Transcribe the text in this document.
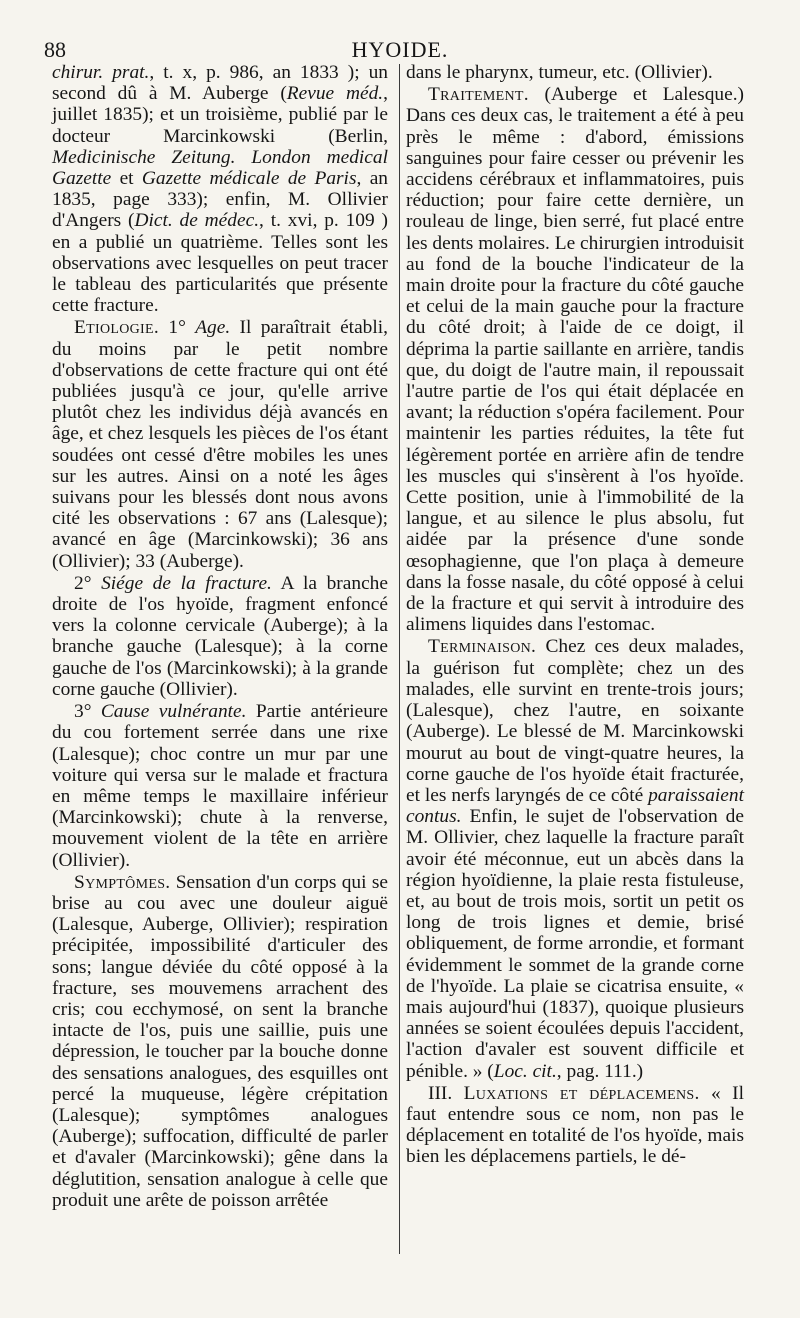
88	HYOIDE.

chirur. prat., t. x, p. 986, an 1833 ); un second dû à M. Auberge (Revue méd., juillet 1835); et un troisième, publié par le docteur Marcinkowski (Berlin, Medicinische Zeitung. London medical Gazette et Gazette médicale de Paris, an 1835, page 333); enfin, M. Ollivier d'Angers (Dict. de médec., t. xvi, p. 109 ) en a publié un quatrième. Telles sont les observations avec lesquelles on peut tracer le tableau des particularités que présente cette fracture.

Etiologie. 1° Age. Il paraîtrait établi, du moins par le petit nombre d'observations de cette fracture qui ont été publiées jusqu'à ce jour, qu'elle arrive plutôt chez les individus déjà avancés en âge, et chez lesquels les pièces de l'os étant soudées ont cessé d'être mobiles les unes sur les autres. Ainsi on a noté les âges suivans pour les blessés dont nous avons cité les observations : 67 ans (Lalesque); avancé en âge (Marcinkowski); 36 ans (Ollivier); 33 (Auberge).

2° Siége de la fracture. A la branche droite de l'os hyoïde, fragment enfoncé vers la colonne cervicale (Auberge); à la branche gauche (Lalesque); à la corne gauche de l'os (Marcinkowski); à la grande corne gauche (Ollivier).

3° Cause vulnérante. Partie antérieure du cou fortement serrée dans une rixe (Lalesque); choc contre un mur par une voiture qui versa sur le malade et fractura en même temps le maxillaire inférieur (Marcinkowski); chute à la renverse, mouvement violent de la tête en arrière (Ollivier).

Symptômes. Sensation d'un corps qui se brise au cou avec une douleur aiguë (Lalesque, Auberge, Ollivier); respiration précipitée, impossibilité d'articuler des sons; langue déviée du côté opposé à la fracture, ses mouvemens arrachent des cris; cou ecchymosé, on sent la branche intacte de l'os, puis une saillie, puis une dépression, le toucher par la bouche donne des sensations analogues, des esquilles ont percé la muqueuse, légère crépitation (Lalesque); symptômes analogues (Auberge); suffocation, difficulté de parler et d'avaler (Marcinkowski); gêne dans la déglutition, sensation analogue à celle que produit une arête de poisson arrêtée

dans le pharynx, tumeur, etc. (Ollivier).

Traitement. (Auberge et Lalesque.) Dans ces deux cas, le traitement a été à peu près le même : d'abord, émissions sanguines pour faire cesser ou prévenir les accidens cérébraux et inflammatoires, puis réduction; pour faire cette dernière, un rouleau de linge, bien serré, fut placé entre les dents molaires. Le chirurgien introduisit au fond de la bouche l'indicateur de la main droite pour la fracture du côté gauche et celui de la main gauche pour la fracture du côté droit; à l'aide de ce doigt, il déprima la partie saillante en arrière, tandis que, du doigt de l'autre main, il repoussait l'autre partie de l'os qui était déplacée en avant; la réduction s'opéra facilement. Pour maintenir les parties réduites, la tête fut légèrement portée en arrière afin de tendre les muscles qui s'insèrent à l'os hyoïde. Cette position, unie à l'immobilité de la langue, et au silence le plus absolu, fut aidée par la présence d'une sonde œsophagienne, que l'on plaça à demeure dans la fosse nasale, du côté opposé à celui de la fracture et qui servit à introduire des alimens liquides dans l'estomac.

Terminaison. Chez ces deux malades, la guérison fut complète; chez un des malades, elle survint en trente-trois jours; (Lalesque), chez l'autre, en soixante (Auberge). Le blessé de M. Marcinkowski mourut au bout de vingt-quatre heures, la corne gauche de l'os hyoïde était fracturée, et les nerfs laryngés de ce côté paraissaient contus. Enfin, le sujet de l'observation de M. Ollivier, chez laquelle la fracture paraît avoir été méconnue, eut un abcès dans la région hyoïdienne, la plaie resta fistuleuse, et, au bout de trois mois, sortit un petit os long de trois lignes et demie, brisé obliquement, de forme arrondie, et formant évidemment le sommet de la grande corne de l'hyoïde. La plaie se cicatrisa ensuite, « mais aujourd'hui (1837), quoique plusieurs années se soient écoulées depuis l'accident, l'action d'avaler est souvent difficile et pénible. » (Loc. cit., pag. 111.)

III. Luxations et déplacemens. « Il faut entendre sous ce nom, non pas le déplacement en totalité de l'os hyoïde, mais bien les déplacemens partiels, le dé-
